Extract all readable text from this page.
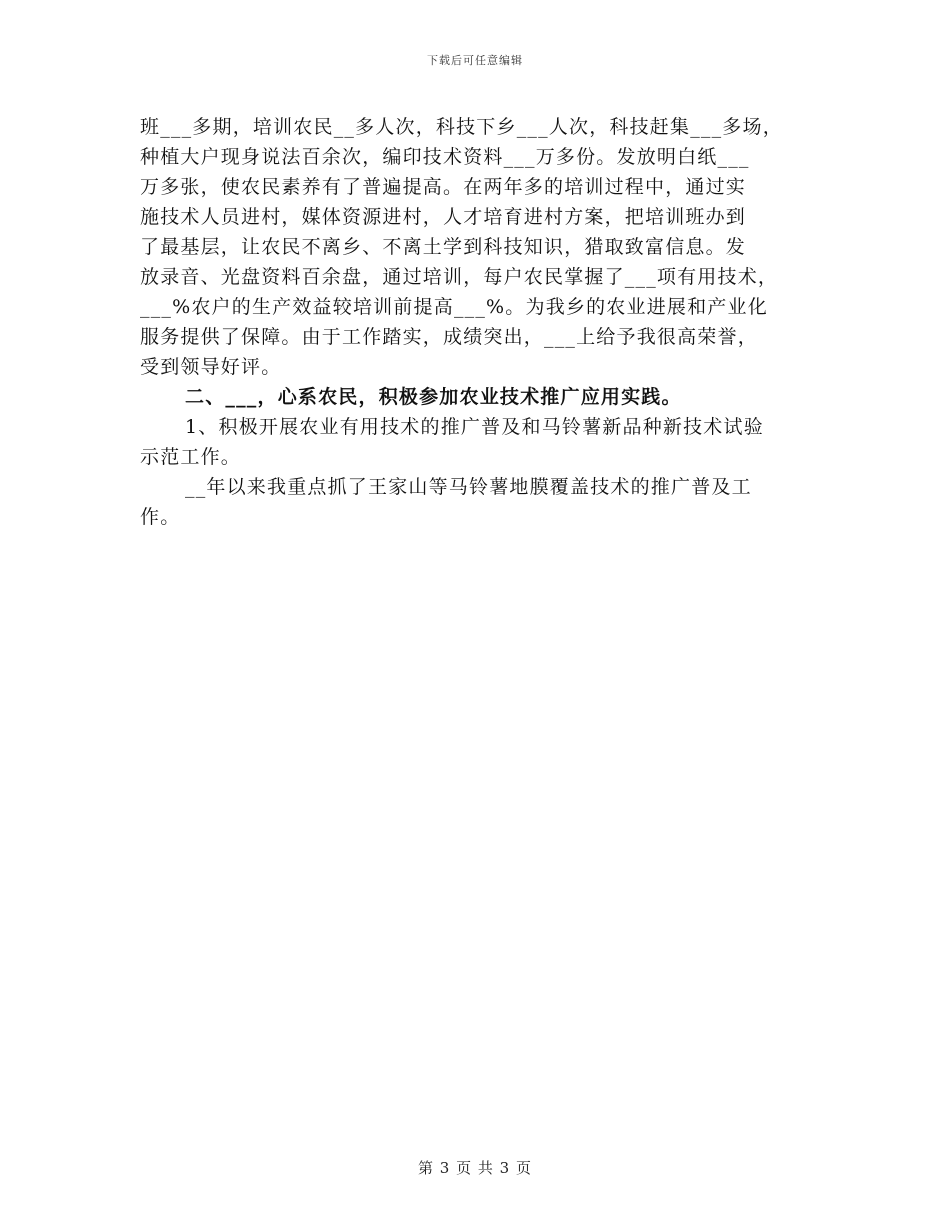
下载后可任意编辑
班___多期，培训农民__多人次，科技下乡___人次，科技赶集___多场，
种植大户现身说法百余次，编印技术资料___万多份。发放明白纸___
万多张，使农民素养有了普遍提高。在两年多的培训过程中，通过实
施技术人员进村，媒体资源进村，人才培育进村方案，把培训班办到
了最基层，让农民不离乡、不离土学到科技知识，猎取致富信息。发
放录音、光盘资料百余盘，通过培训，每户农民掌握了___项有用技术，
___%农户的生产效益较培训前提高___%。为我乡的农业进展和产业化
服务提供了保障。由于工作踏实，成绩突出，___上给予我很高荣誉，
受到领导好评。
二、___，心系农民，积极参加农业技术推广应用实践。
1、积极开展农业有用技术的推广普及和马铃薯新品种新技术试验
示范工作。
__年以来我重点抓了王家山等马铃薯地膜覆盖技术的推广普及工
作。
第 3 页 共 3 页
